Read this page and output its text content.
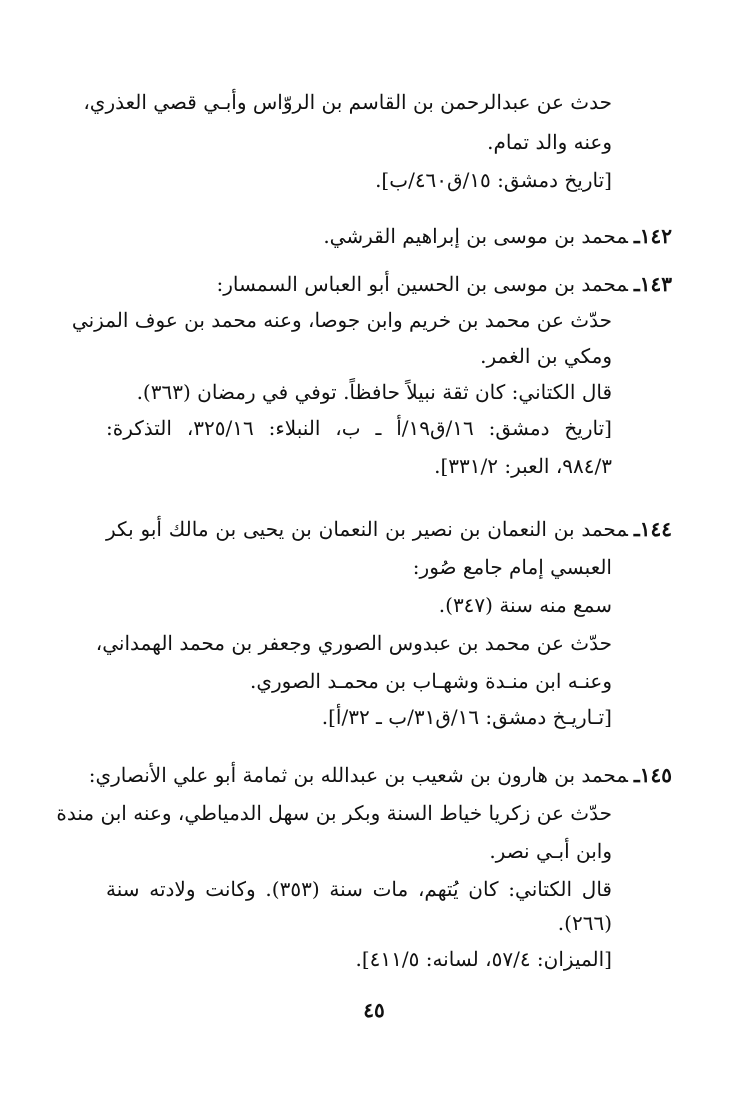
حدث عن عبدالرحمن بن القاسم بن الروّاس وأبـي قصي العذري،
وعنه والد تمام.
[تاريخ دمشق: ١٥/ق٤٦٠/ب].
١٤٢ـمحمد بن موسى بن إبراهيم القرشي.
١٤٣ـمحمد بن موسى بن الحسين أبو العباس السمسار:
حدّث عن محمد بن خريم وابن جوصا، وعنه محمد بن عوف المزني
ومكي بن الغمر.
قال الكتاني: كان ثقة نبيلاً حافظاً. توفي في رمضان (٣٦٣).
[تاريخ دمشق: ١٦/ق١٩/أ ـ ب، النبلاء: ٣٢٥/١٦، التذكرة:
٩٨٤/٣، العبر: ٣٣١/٢].
١٤٤ـمحمد بن النعمان بن نصير بن النعمان بن يحيى بن مالك أبو بكر
العبسي إمام جامع صُور:
سمع منه سنة (٣٤٧).
حدّث عن محمد بن عبدوس الصوري وجعفر بن محمد الهمداني،
وعنـه ابن منـدة وشهـاب بن محمـد الصوري.
[تـاريـخ دمشق: ١٦/ق٣١/ب ـ ٣٢/أ].
١٤٥ـمحمد بن هارون بن شعيب بن عبدالله بن ثمامة أبو علي الأنصاري:
حدّث عن زكريا خياط السنة وبكر بن سهل الدمياطي، وعنه ابن مندة
وابن أبـي نصر.
قال الكتاني: كان يُتهم، مات سنة (٣٥٣). وكانت ولادته سنة
(٢٦٦).
[الميزان: ٥٧/٤، لسانه: ٤١١/٥].
٤٥
